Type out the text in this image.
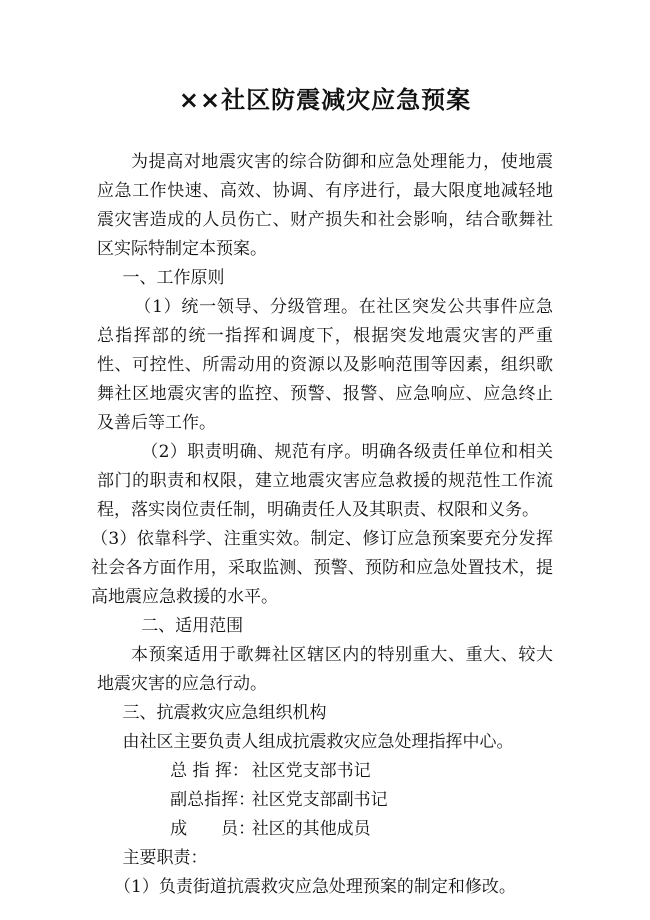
××社区防震减灾应急预案

为提高对地震灾害的综合防御和应急处理能力，使地震应急工作快速、高效、协调、有序进行，最大限度地减轻地震灾害造成的人员伤亡、财产损失和社会影响，结合歌舞社区实际特制定本预案。

一、工作原则

（1）统一领导、分级管理。在社区突发公共事件应急总指挥部的统一指挥和调度下，根据突发地震灾害的严重性、可控性、所需动用的资源以及影响范围等因素，组织歌舞社区地震灾害的监控、预警、报警、应急响应、应急终止及善后等工作。

（2）职责明确、规范有序。明确各级责任单位和相关部门的职责和权限，建立地震灾害应急救援的规范性工作流程，落实岗位责任制，明确责任人及其职责、权限和义务。

（3）依靠科学、注重实效。制定、修订应急预案要充分发挥社会各方面作用，采取监测、预警、预防和应急处置技术，提高地震应急救援的水平。

二、适用范围

本预案适用于歌舞社区辖区内的特别重大、重大、较大地震灾害的应急行动。

三、抗震救灾应急组织机构

由社区主要负责人组成抗震救灾应急处理指挥中心。

总 指 挥： 社区党支部书记
副总指挥：社区党支部副书记
成　　员：社区的其他成员

主要职责：

（1）负责街道抗震救灾应急处理预案的制定和修改。
